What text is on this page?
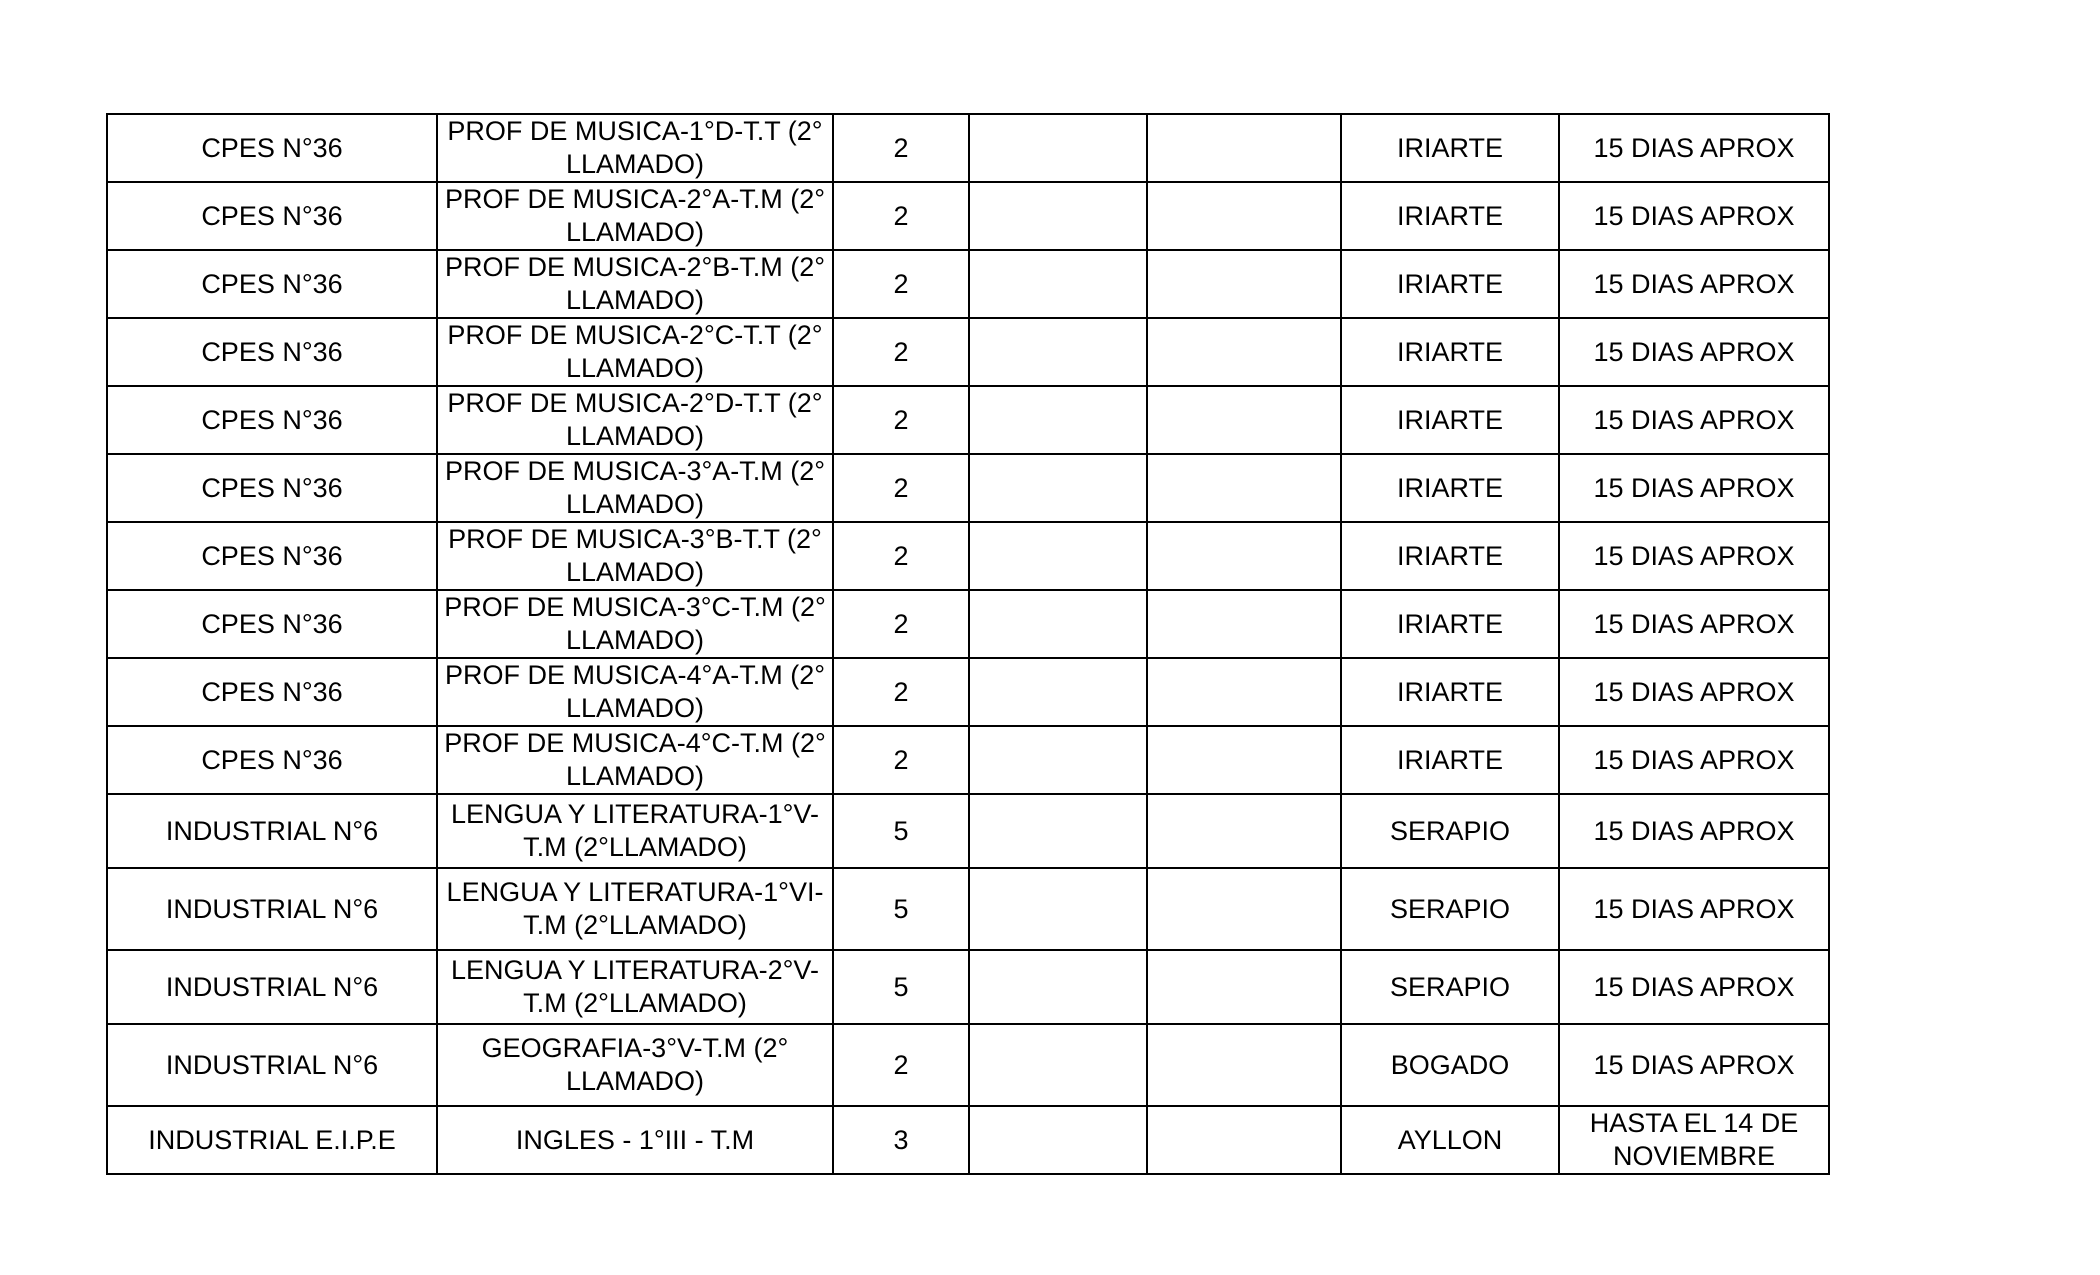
CPES N°36	PROF DE MUSICA-1°D-T.T (2° LLAMADO)	2			IRIARTE	15 DIAS APROX
CPES N°36	PROF DE MUSICA-2°A-T.M (2° LLAMADO)	2			IRIARTE	15 DIAS APROX
CPES N°36	PROF DE MUSICA-2°B-T.M (2° LLAMADO)	2			IRIARTE	15 DIAS APROX
CPES N°36	PROF DE MUSICA-2°C-T.T (2° LLAMADO)	2			IRIARTE	15 DIAS APROX
CPES N°36	PROF DE MUSICA-2°D-T.T (2° LLAMADO)	2			IRIARTE	15 DIAS APROX
CPES N°36	PROF DE MUSICA-3°A-T.M (2° LLAMADO)	2			IRIARTE	15 DIAS APROX
CPES N°36	PROF DE MUSICA-3°B-T.T (2° LLAMADO)	2			IRIARTE	15 DIAS APROX
CPES N°36	PROF DE MUSICA-3°C-T.M (2° LLAMADO)	2			IRIARTE	15 DIAS APROX
CPES N°36	PROF DE MUSICA-4°A-T.M (2° LLAMADO)	2			IRIARTE	15 DIAS APROX
CPES N°36	PROF DE MUSICA-4°C-T.M (2° LLAMADO)	2			IRIARTE	15 DIAS APROX
INDUSTRIAL N°6	LENGUA Y LITERATURA-1°V-T.M (2°LLAMADO)	5			SERAPIO	15 DIAS APROX
INDUSTRIAL N°6	LENGUA Y LITERATURA-1°VI-T.M (2°LLAMADO)	5			SERAPIO	15 DIAS APROX
INDUSTRIAL N°6	LENGUA Y LITERATURA-2°V-T.M (2°LLAMADO)	5			SERAPIO	15 DIAS APROX
INDUSTRIAL N°6	GEOGRAFIA-3°V-T.M (2° LLAMADO)	2			BOGADO	15 DIAS APROX
INDUSTRIAL E.I.P.E	INGLES - 1°III - T.M	3			AYLLON	HASTA EL 14 DE NOVIEMBRE
